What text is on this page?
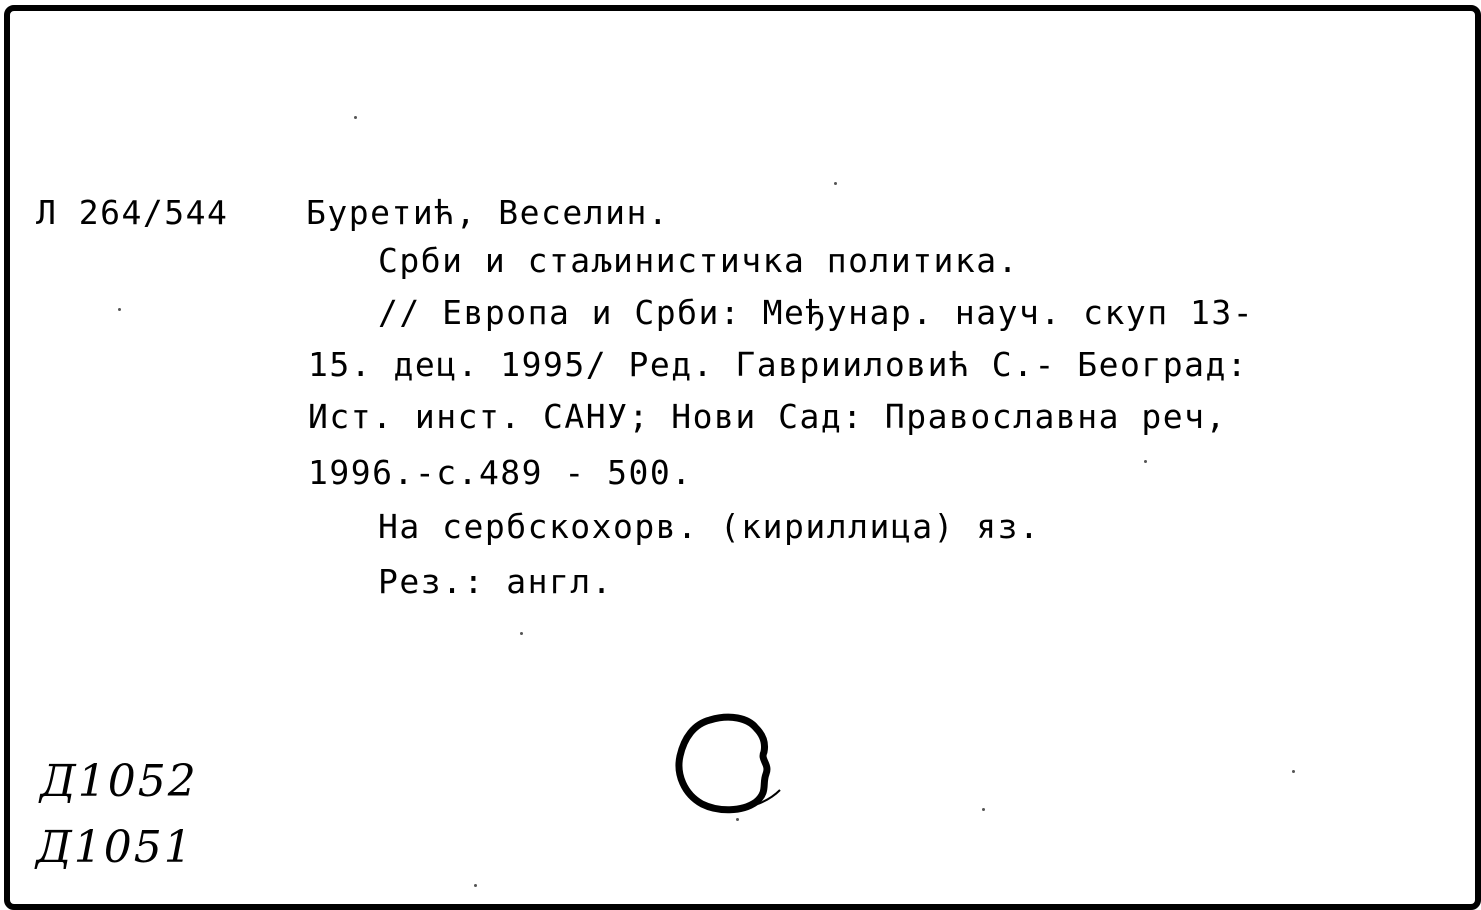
Л 264/544 Буретић, Веселин.
Срби и стаљинистичка политика.
// Европа и Срби: Међунар. науч. скуп 13-
15. дец. 1995/ Ред. Гаврииловић С.- Београд:
Ист. инст. САНУ; Нови Сад: Православна реч,
1996.-с.489 - 500.
На сербскохорв. (кириллица) яз.
Рез.: англ.
Д1052
Д1051
